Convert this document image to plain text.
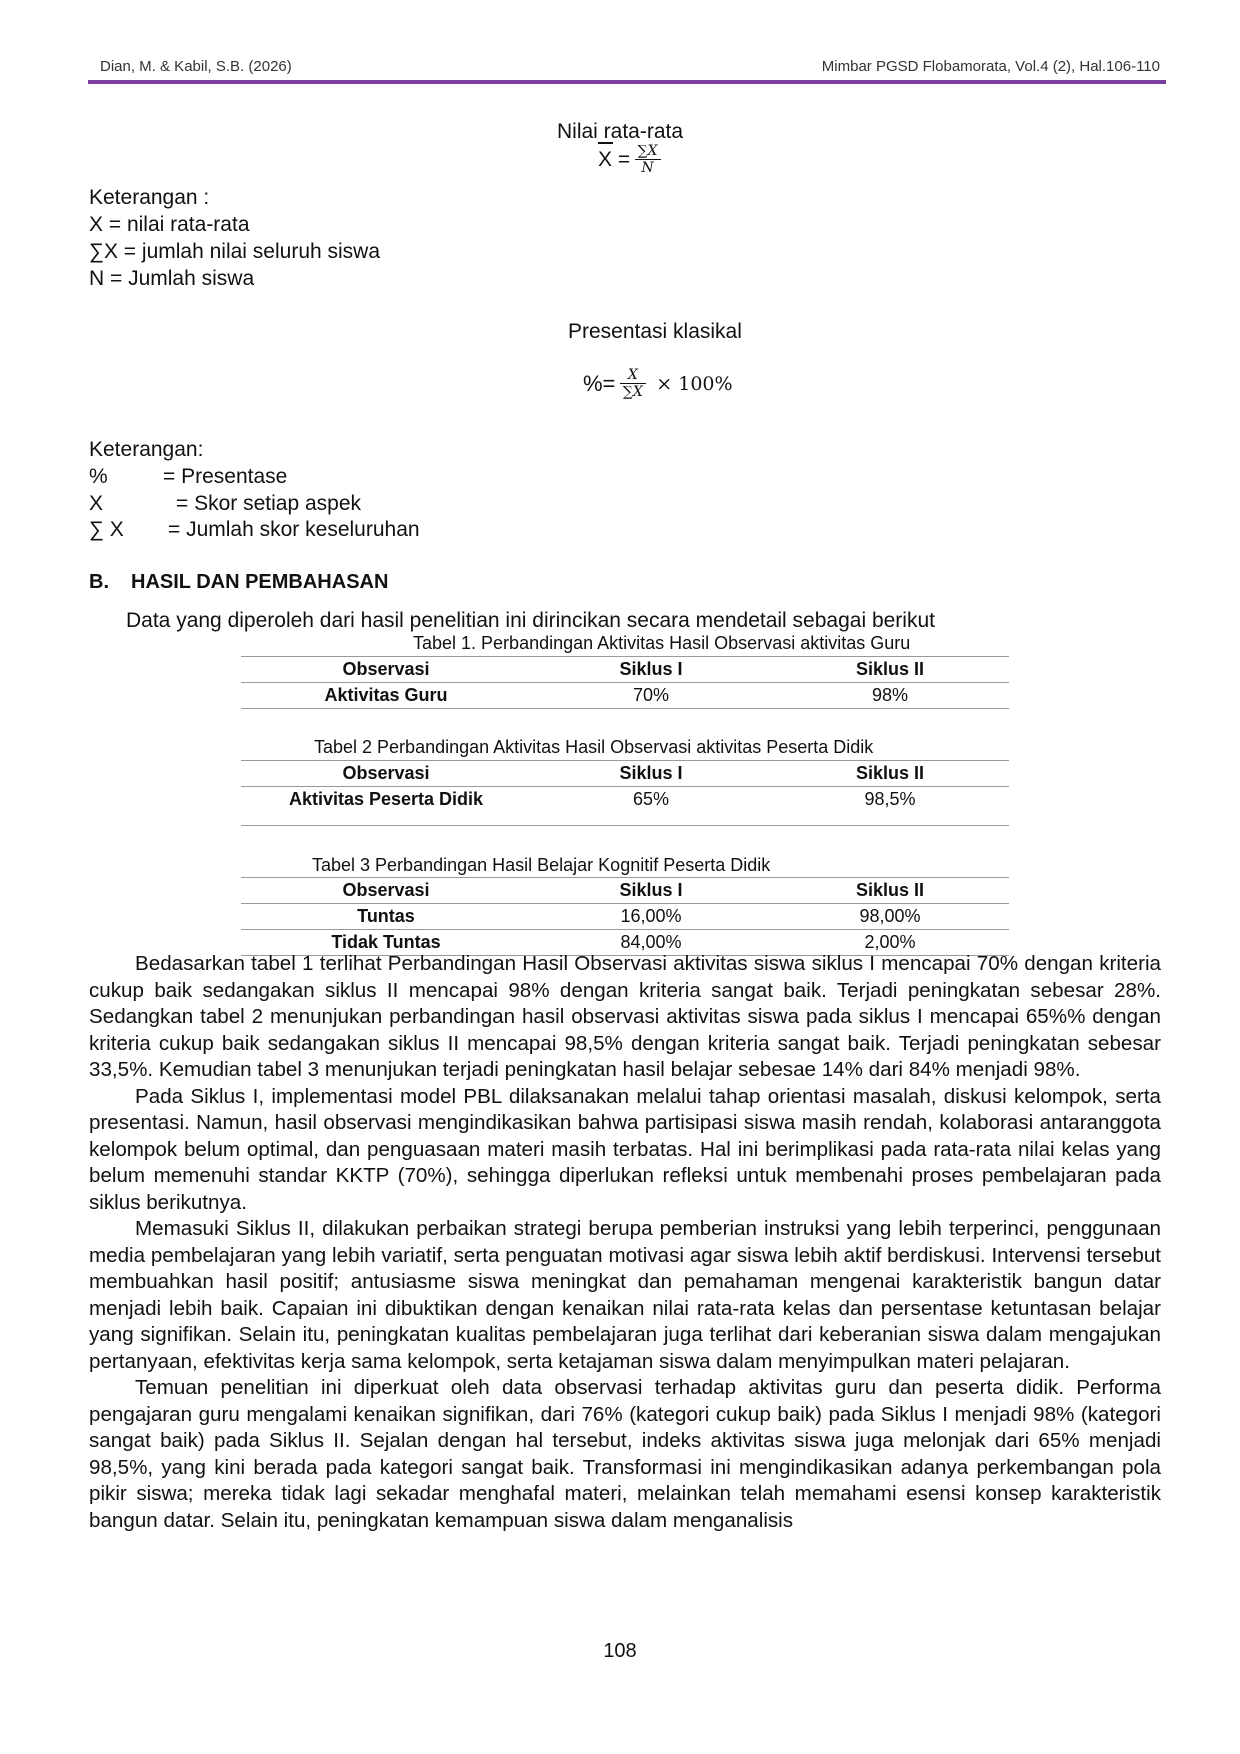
Dian, M. & Kabil, S.B. (2026)	Mimbar PGSD Flobamorata, Vol.4 (2), Hal.106-110
Nilai rata-rata
$X = \frac{\sum X}{N}$
Keterangan :
X = nilai rata-rata
∑X = jumlah nilai seluruh siswa
N = Jumlah siswa
Presentasi klasikal
%= $\frac{X}{\sum X} \times 100\%$
Keterangan:
%	= Presentase
X	= Skor setiap aspek
∑ X = Jumlah skor keseluruhan
B. HASIL DAN PEMBAHASAN
Data yang diperoleh dari hasil penelitian ini dirincikan secara mendetail sebagai berikut
Tabel 1. Perbandingan Aktivitas Hasil Observasi aktivitas Guru
Observasi	Siklus I	Siklus II
Aktivitas Guru	70%	98%
Tabel 2 Perbandingan Aktivitas Hasil Observasi aktivitas Peserta Didik
Observasi	Siklus I	Siklus II
Aktivitas Peserta Didik	65%	98,5%
Tabel 3 Perbandingan Hasil Belajar Kognitif Peserta Didik
Observasi	Siklus I	Siklus II
Tuntas	16,00%	98,00%
Tidak Tuntas	84,00%	2,00%

Bedasarkan tabel 1 terlihat Perbandingan Hasil Observasi aktivitas siswa siklus I mencapai 70% dengan kriteria cukup baik sedangakan siklus II mencapai 98% dengan kriteria sangat baik. Terjadi peningkatan sebesar 28%. Sedangkan tabel 2 menunjukan perbandingan hasil observasi aktivitas siswa pada siklus I mencapai 65%% dengan kriteria cukup baik sedangakan siklus II mencapai 98,5% dengan kriteria sangat baik. Terjadi peningkatan sebesar 33,5%. Kemudian tabel 3 menunjukan terjadi peningkatan hasil belajar sebesae 14% dari 84% menjadi 98%.

Pada Siklus I, implementasi model PBL dilaksanakan melalui tahap orientasi masalah, diskusi kelompok, serta presentasi. Namun, hasil observasi mengindikasikan bahwa partisipasi siswa masih rendah, kolaborasi antaranggota kelompok belum optimal, dan penguasaan materi masih terbatas. Hal ini berimplikasi pada rata-rata nilai kelas yang belum memenuhi standar KKTP (70%), sehingga diperlukan refleksi untuk membenahi proses pembelajaran pada siklus berikutnya.

Memasuki Siklus II, dilakukan perbaikan strategi berupa pemberian instruksi yang lebih terperinci, penggunaan media pembelajaran yang lebih variatif, serta penguatan motivasi agar siswa lebih aktif berdiskusi. Intervensi tersebut membuahkan hasil positif; antusiasme siswa meningkat dan pemahaman mengenai karakteristik bangun datar menjadi lebih baik. Capaian ini dibuktikan dengan kenaikan nilai rata-rata kelas dan persentase ketuntasan belajar yang signifikan. Selain itu, peningkatan kualitas pembelajaran juga terlihat dari keberanian siswa dalam mengajukan pertanyaan, efektivitas kerja sama kelompok, serta ketajaman siswa dalam menyimpulkan materi pelajaran.

Temuan penelitian ini diperkuat oleh data observasi terhadap aktivitas guru dan peserta didik. Performa pengajaran guru mengalami kenaikan signifikan, dari 76% (kategori cukup baik) pada Siklus I menjadi 98% (kategori sangat baik) pada Siklus II. Sejalan dengan hal tersebut, indeks aktivitas siswa juga melonjak dari 65% menjadi 98,5%, yang kini berada pada kategori sangat baik. Transformasi ini mengindikasikan adanya perkembangan pola pikir siswa; mereka tidak lagi sekadar menghafal materi, melainkan telah memahami esensi konsep karakteristik bangun datar. Selain itu, peningkatan kemampuan siswa dalam menganalisis

108
